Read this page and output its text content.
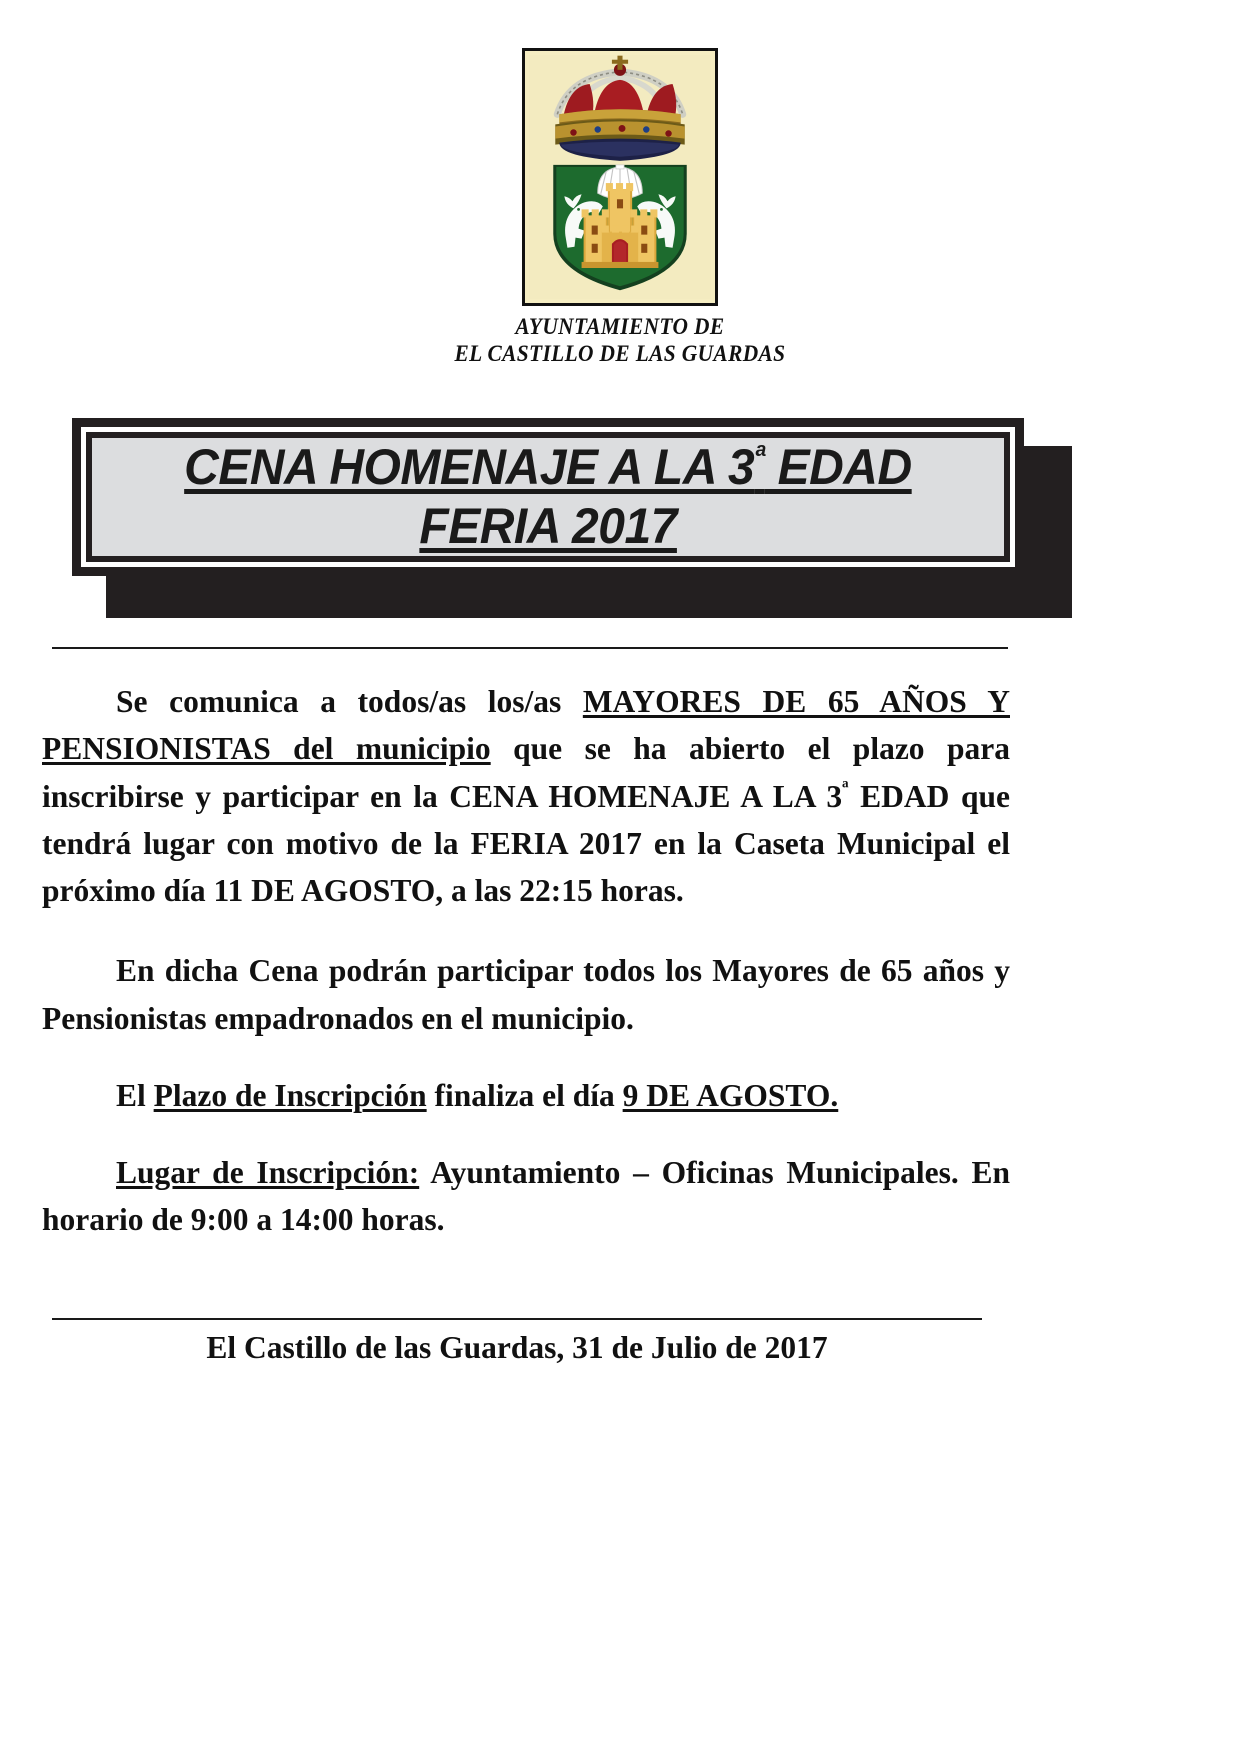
AYUNTAMIENTO DE
EL CASTILLO DE LAS GUARDAS
CENA HOMENAJE A LA $3^ª$ EDAD
FERIA 2017

Se comunica a todos/as los/as MAYORES DE 65 AÑOS Y PENSIONISTAS del municipio que se ha abierto el plazo para inscribirse y participar en la CENA HOMENAJE A LA $3^ª$ EDAD que tendrá lugar con motivo de la FERIA 2017 en la Caseta Municipal el próximo día 11 DE AGOSTO, a las 22:15 horas.

En dicha Cena podrán participar todos los Mayores de 65 años y Pensionistas empadronados en el municipio.

El Plazo de Inscripción finaliza el día 9 DE AGOSTO.

Lugar de Inscripción: Ayuntamiento – Oficinas Municipales. En horario de 9:00 a 14:00 horas.

El Castillo de las Guardas, 31 de Julio de 2017
